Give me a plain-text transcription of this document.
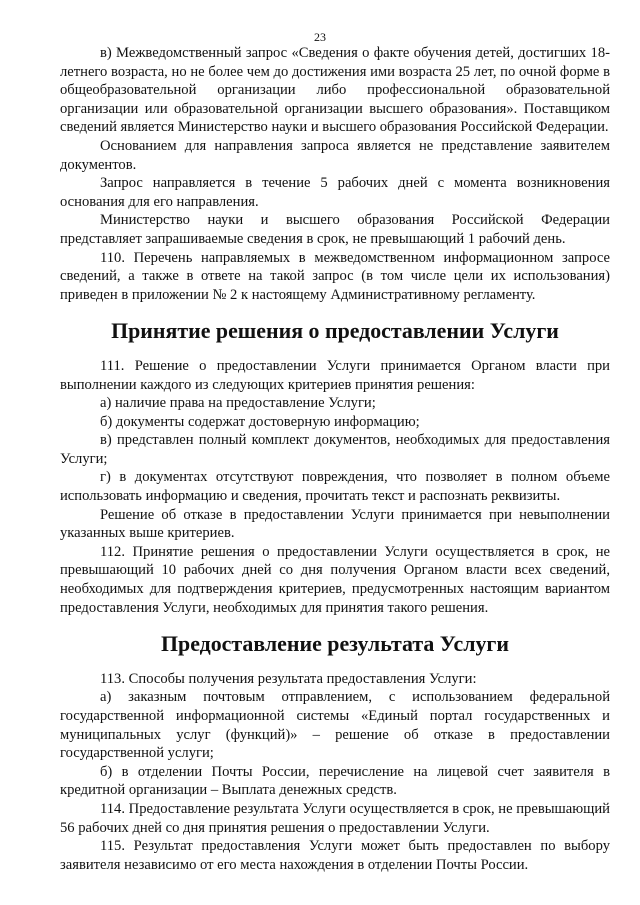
23

в) Межведомственный запрос «Сведения о факте обучения детей, достигших 18-летнего возраста, но не более чем до достижения ими возраста 25 лет, по очной форме в общеобразовательной организации либо профессиональной образовательной организации или образовательной организации высшего образования». Поставщиком сведений является Министерство науки и высшего образования Российской Федерации.

Основанием для направления запроса является не представление заявителем документов.

Запрос направляется в течение 5 рабочих дней с момента возникновения основания для его направления.

Министерство науки и высшего образования Российской Федерации представляет запрашиваемые сведения в срок, не превышающий 1 рабочий день.

110. Перечень направляемых в межведомственном информационном запросе сведений, а также в ответе на такой запрос (в том числе цели их использования) приведен в приложении № 2 к настоящему Административному регламенту.

Принятие решения о предоставлении Услуги

111. Решение о предоставлении Услуги принимается Органом власти при выполнении каждого из следующих критериев принятия решения:

а) наличие права на предоставление Услуги;

б) документы содержат достоверную информацию;

в) представлен полный комплект документов, необходимых для предоставления Услуги;

г) в документах отсутствуют повреждения, что позволяет в полном объеме использовать информацию и сведения, прочитать текст и распознать реквизиты.

Решение об отказе в предоставлении Услуги принимается при невыполнении указанных выше критериев.

112. Принятие решения о предоставлении Услуги осуществляется в срок, не превышающий 10 рабочих дней со дня получения Органом власти всех сведений, необходимых для подтверждения критериев, предусмотренных настоящим вариантом предоставления Услуги, необходимых для принятия такого решения.

Предоставление результата Услуги

113. Способы получения результата предоставления Услуги:

а) заказным почтовым отправлением, с использованием федеральной государственной информационной системы «Единый портал государственных и муниципальных услуг (функций)» – решение об отказе в предоставлении государственной услуги;

б) в отделении Почты России, перечисление на лицевой счет заявителя в кредитной организации – Выплата денежных средств.

114. Предоставление результата Услуги осуществляется в срок, не превышающий 56 рабочих дней со дня принятия решения о предоставлении Услуги.

115. Результат предоставления Услуги может быть предоставлен по выбору заявителя независимо от его места нахождения в отделении Почты России.
